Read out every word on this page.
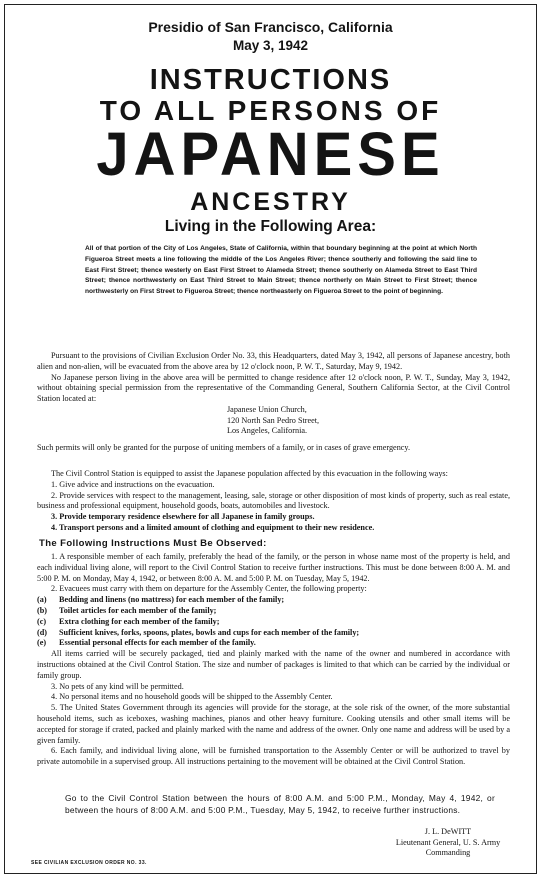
Presidio of San Francisco, California
May 3, 1942
INSTRUCTIONS
TO ALL PERSONS OF
JAPANESE
ANCESTRY
Living in the Following Area:
All of that portion of the City of Los Angeles, State of California, within that boundary beginning at the point at which North Figueroa Street meets a line following the middle of the Los Angeles River; thence southerly and following the said line to East First Street; thence westerly on East First Street to Alameda Street; thence southerly on Alameda Street to East Third Street; thence northwesterly on East Third Street to Main Street; thence northerly on Main Street to First Street; thence northwesterly on First Street to Figueroa Street; thence northeasterly on Figueroa Street to the point of beginning.

Pursuant to the provisions of Civilian Exclusion Order No. 33, this Headquarters, dated May 3, 1942, all persons of Japanese ancestry, both alien and non-alien, will be evacuated from the above area by 12 o'clock noon, P. W. T., Saturday, May 9, 1942.

No Japanese person living in the above area will be permitted to change residence after 12 o'clock noon, P. W. T., Sunday, May 3, 1942, without obtaining special permission from the representative of the Commanding General, Southern California Sector, at the Civil Control Station located at:

Japanese Union Church,
120 North San Pedro Street,
Los Angeles, California.

Such permits will only be granted for the purpose of uniting members of a family, or in cases of grave emergency.

The Civil Control Station is equipped to assist the Japanese population affected by this evacuation in the following ways:

1. Give advice and instructions on the evacuation.

2. Provide services with respect to the management, leasing, sale, storage or other disposition of most kinds of property, such as real estate, business and professional equipment, household goods, boats, automobiles and livestock.

3. Provide temporary residence elsewhere for all Japanese in family groups.

4. Transport persons and a limited amount of clothing and equipment to their new residence.

The Following Instructions Must Be Observed:

1. A responsible member of each family, preferably the head of the family, or the person in whose name most of the property is held, and each individual living alone, will report to the Civil Control Station to receive further instructions. This must be done between 8:00 A. M. and 5:00 P. M. on Monday, May 4, 1942, or between 8:00 A. M. and 5:00 P. M. on Tuesday, May 5, 1942.

2. Evacuees must carry with them on departure for the Assembly Center, the following property:

(a) Bedding and linens (no mattress) for each member of the family;

(b) Toilet articles for each member of the family;

(c) Extra clothing for each member of the family;

(d) Sufficient knives, forks, spoons, plates, bowls and cups for each member of the family;

(e) Essential personal effects for each member of the family.

All items carried will be securely packaged, tied and plainly marked with the name of the owner and numbered in accordance with instructions obtained at the Civil Control Station. The size and number of packages is limited to that which can be carried by the individual or family group.

3. No pets of any kind will be permitted.

4. No personal items and no household goods will be shipped to the Assembly Center.

5. The United States Government through its agencies will provide for the storage, at the sole risk of the owner, of the more substantial household items, such as iceboxes, washing machines, pianos and other heavy furniture. Cooking utensils and other small items will be accepted for storage if crated, packed and plainly marked with the name and address of the owner. Only one name and address will be used by a given family.

6. Each family, and individual living alone, will be furnished transportation to the Assembly Center or will be authorized to travel by private automobile in a supervised group. All instructions pertaining to the movement will be obtained at the Civil Control Station.

Go to the Civil Control Station between the hours of 8:00 A.M. and 5:00 P.M., Monday, May 4, 1942, or between the hours of 8:00 A.M. and 5:00 P.M., Tuesday, May 5, 1942, to receive further instructions.
J. L. DeWITT
Lieutenant General, U. S. Army
Commanding
SEE CIVILIAN EXCLUSION ORDER NO. 33.
